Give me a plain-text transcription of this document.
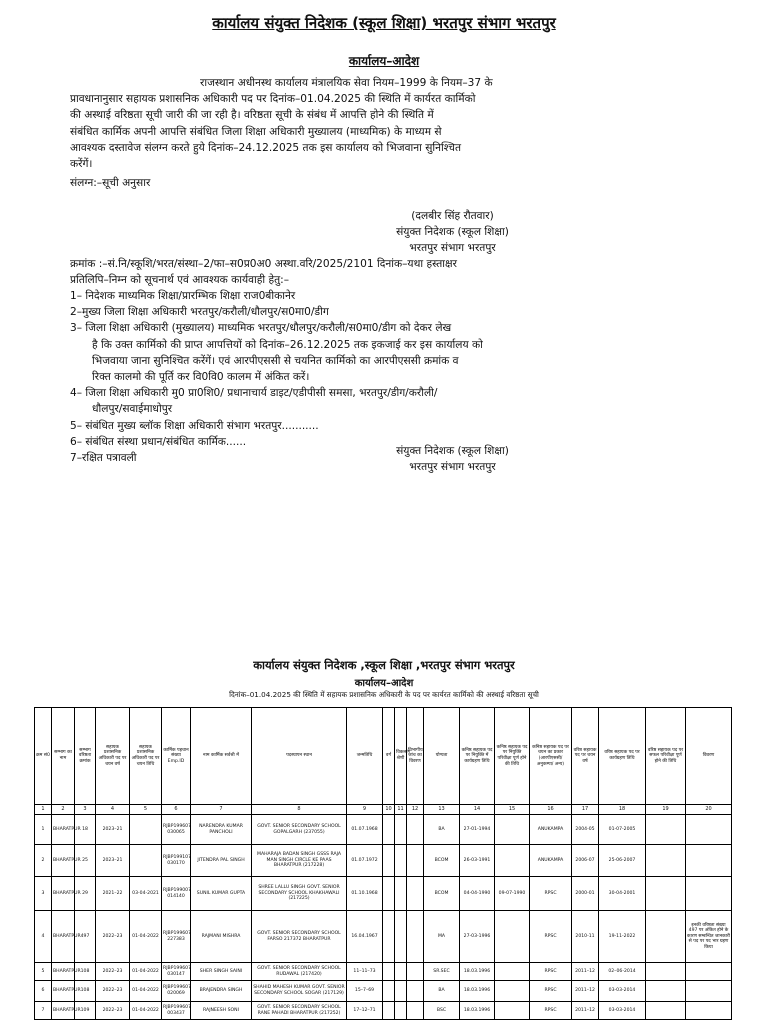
कार्यालय संयुक्त निदेशक (स्कूल शिक्षा) भरतपुर संभाग भरतपुर
कार्यालय–आदेश
राजस्थान अधीनस्थ कार्यालय मंत्रालयिक सेवा नियम–1999 के नियम–37 के
प्रावधानानुसार सहायक प्रशासनिक अधिकारी पद पर दिनांक–01.04.2025 की स्थिति में कार्यरत कार्मिको
की अस्थाई वरिष्ठता सूची जारी की जा रही है। वरिष्ठता सूची के संबंध में आपत्ति होने की स्थिति में
संबंधित कार्मिक अपनी आपत्ति संबंधित जिला शिक्षा अधिकारी मुख्यालय (माध्यमिक) के माध्यम से
आवश्यक दस्तावेज संलग्न करते हुये दिनांक–24.12.2025 तक इस कार्यालय को भिजवाना सुनिश्चित
करेंगें।
संलग्न:–सूची अनुसार
(दलबीर सिंह रौतवार)
संयुक्त निदेशक (स्कूल शिक्षा)
भरतपुर संभाग भरतपुर
क्रमांक :–सं.नि/स्कूशि/भरत/संस्था–2/फा–स0प्र0अ0 अस्था.वरि/2025/2101 दिनांक–यथा हस्ताक्षर
प्रतिलिपि–निम्न को सूचनार्थ एवं आवश्यक कार्यवाही हेतु:–
1– निदेशक माध्यमिक शिक्षा/प्रारम्भिक शिक्षा राज0बीकानेर
2–मुख्य जिला शिक्षा अधिकारी भरतपुर/करौली/धौलपुर/स0मा0/डीग
3– जिला शिक्षा अधिकारी (मुख्यालय) माध्यमिक भरतपुर/धौलपुर/करौली/स0मा0/डीग को देकर लेख
है कि उक्त कार्मिको की प्राप्त आपत्तियों को दिनांक–26.12.2025 तक इकजाई कर इस कार्यालय को
भिजवाया जाना सुनिश्चित करेंगें। एवं आरपीएससी से चयनित कार्मिको का आरपीएससी क्रमांक व
रिक्त कालमो की पूर्ति कर वि0वि0 कालम में अंकित करें।
4– जिला शिक्षा अधिकारी मु0 प्रा0शि0/ प्रधानाचार्य डाइट/एडीपीसी समसा, भरतपुर/डीग/करौली/
धौलपुर/सवाईमाधोपुर
5– संबंधित मुख्य ब्लॉक शिक्षा अधिकारी संभाग भरतपुर...........
6– संबंधित संस्था प्रधान/संबंधित कार्मिक......
7–रक्षित पत्रावली
संयुक्त निदेशक (स्कूल शिक्षा)
भरतपुर संभाग भरतपुर
कार्यालय संयुक्त निदेशक ,स्कूल शिक्षा ,भरतपुर संभाग भरतपुर
कार्यालय–आदेश
दिनांक–01.04.2025 की स्थिति में सहायक प्रशासनिक अधिकारी के पद पर कार्यरत कार्मिको की अस्थाई वरिष्ठता सूची
क्रम सं0	सम्भाग का नाम	सम्भाग वरिष्ठता क्रमांक	सहायक प्रशासनिक अधिकारी पद पर चयन वर्ष	सहायक प्रशासनिक अधिकारी पद पर चयन तिथि	कार्मिक पहचान संख्या Emp.ID	नाम कार्मिक सर्वश्री में	पदस्थापन स्थान	जन्मतिथि	वर्ग	विकलांग श्रेणी	विभागीय जांच का विवरण	योग्यता	कनिष्ठ सहायक पद पर नियुक्ति में कार्यग्रहण तिथि	कनिष्ठ सहायक पद पर नियुक्ति परिवीक्षा पूर्ण होने की तिथि	कनिष्ठ सहायक पद पर चयन का प्रकार (आरपीएससी/अनुकम्पा/ अन्य)	वरिष्ठ सहायक पद पर चयन वर्ष	वरिष्ठ सहायक पद पर कार्यग्रहण तिथि	वरिष्ठ सहायक पद पर सफल परिवीक्षा पूर्ण होने की तिथि	विवरण
1	2	3	4	5	6	7	8	9	10	11	12	13	14	15	16	17	18	19	20
1	BHARATPUR	18	2023–21		RJBP199607 030065	NARENDRA KUMAR PANCHOLI	GOVT. SENIOR SECONDARY SCHOOL GOPALGARH (237055)	01.07.1968				BA	27-01-1994		ANUKAMPA	2004-05	01-07-2005		
2	BHARATPUR	25	2023–21		RJBP199107 030170	JITENDRA PAL SINGH	MAHARAJA BADAN SINGH GSSS RAJA MAN SINGH CIRCLE KE PAAS BHARATPUR (217228)	01.07.1972				BCOM	26-03-1991		ANUKAMPA	2006-07	25-06-2007		
3	BHARATPUR	29	2021–22	03-04-2021	RJBP199007 014140	SUNIL KUMAR GUPTA	SHREE LALLU SINGH GOVT. SENIOR SECONDARY SCHOOL KHAKHAWALI (217225)	01.10.1968				BCOM	04-04-1990	09-07-1990	RPSC	2000-01	30-04-2001		
4	BHARATPUR	497	2022–23	01-04-2022	RJBP199607 227383	RAJMANI MISHRA	GOVT. SENIOR SECONDARY SCHOOL FARSO 217372 BHARATPUR	16.04.1967				MA	27-03-1996		RPSC	2010-11	19-11-2022		इनकी वरिष्ठता संख्या 497 पर अंकित होने के कारण सम्बन्धित जानकारी से पद पर पद भार ग्रहण किया
5	BHARATPUR	108	2022–23	01-04-2022	RJBP199607 030147	SHER SINGH SAINI	GOVT. SENIOR SECONDARY SCHOOL RUDAWAL (217420)	11–11–73				SR.SEC	18.03.1996		RPSC	2011–12	02–06-2014		
6	BHARATPUR	108	2022–23	01-04-2022	RJBP199607 020069	BRAJENDRA SINGH	SHAHID MAHESH KUMAR GOVT. SENIOR SECONDARY SCHOOL SOGAR (217129)	15–7–69				BA	18.03.1996		RPSC	2011–12	03-03-2014		
7	BHARATPUR	109	2022–23	01-04-2022	RJBP199607 003437	RAJNEESH SONI	GOVT. SENIOR SECONDARY SCHOOL RANE PAHADI BHARATPUR (217252)	17–12–71				BSC	18.03.1996		RPSC	2011–12	03-03-2014		
